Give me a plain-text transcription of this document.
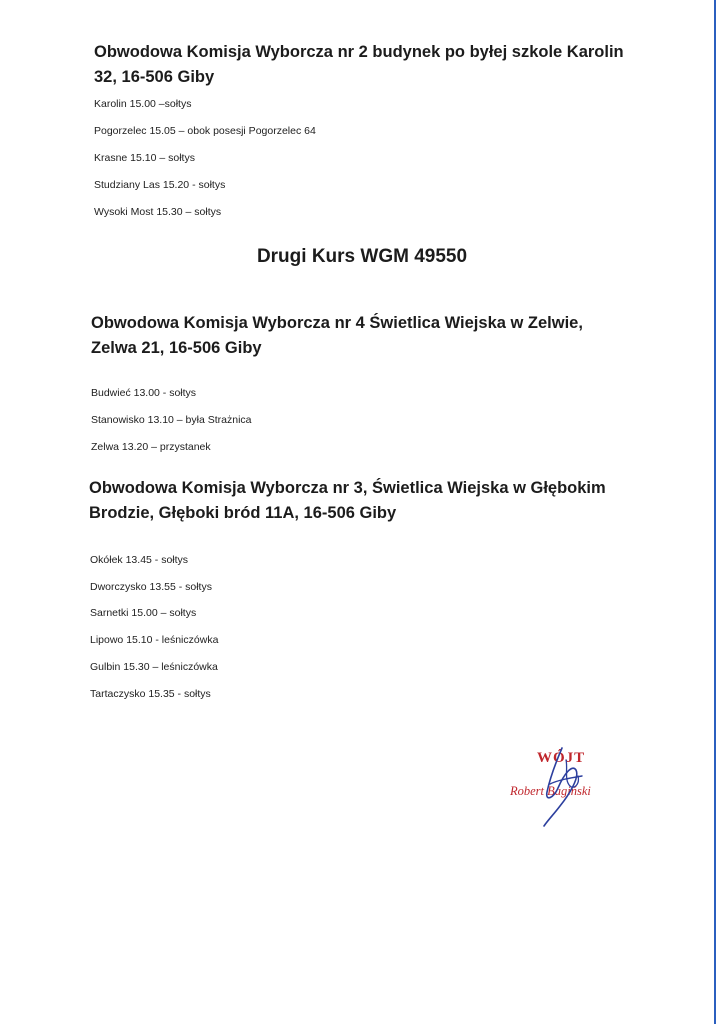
Obwodowa Komisja Wyborcza nr 2 budynek po byłej szkole Karolin
32, 16-506 Giby

Karolin 15.00 –sołtys
Pogorzelec 15.05 – obok posesji Pogorzelec 64
Krasne 15.10 – sołtys
Studziany Las 15.20 - sołtys
Wysoki Most 15.30 – sołtys
Drugi Kurs WGM 49550

Obwodowa Komisja Wyborcza nr 4 Świetlica Wiejska w Zelwie,
Zelwa 21, 16-506 Giby

Budwieć 13.00 - sołtys
Stanowisko 13.10 – była Strażnica
Zelwa 13.20 – przystanek

Obwodowa Komisja Wyborcza nr 3, Świetlica Wiejska w Głębokim
Brodzie, Głęboki bród 11A, 16-506 Giby

Okółek 13.45 - sołtys
Dworczysko 13.55 - sołtys
Sarnetki 15.00 – sołtys
Lipowo 15.10 - leśniczówka
Gulbin 15.30 – leśniczówka
Tartaczysko 15.35 - sołtys
WÓJT
Robert Bagiński
